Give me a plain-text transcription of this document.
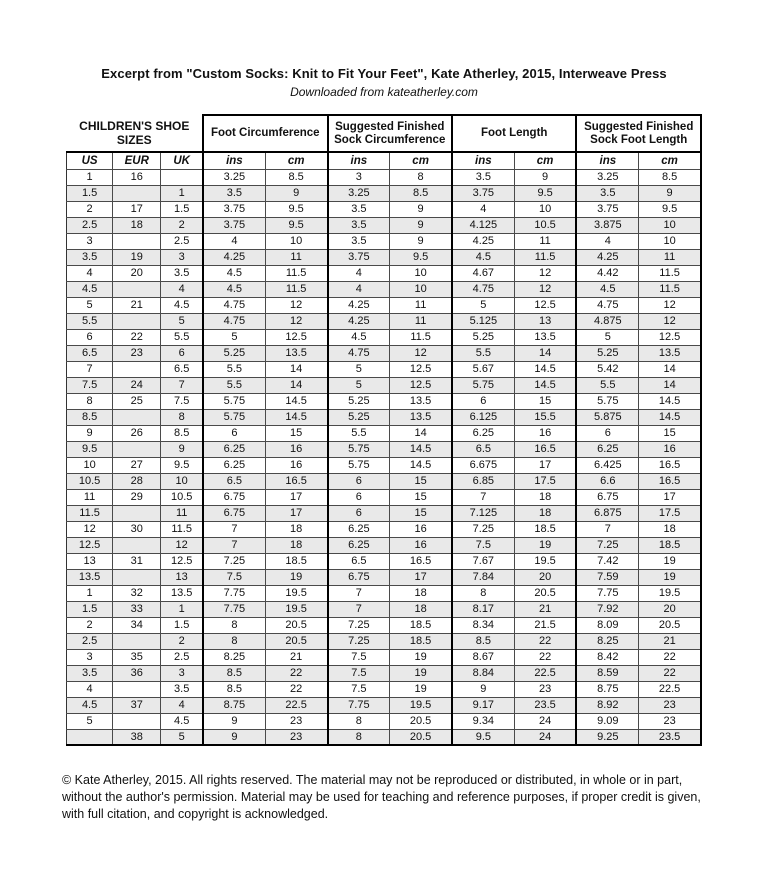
Excerpt from "Custom Socks: Knit to Fit Your Feet", Kate Atherley, 2015, Interweave Press
Downloaded from kateatherley.com
CHILDREN'S SHOE SIZES			Foot Circumference		Suggested Finished Sock Circumference		Foot Length		Suggested Finished Sock Foot Length	
US	EUR	UK	ins	cm	ins	cm	ins	cm	ins	cm
1	16		3.25	8.5	3	8	3.5	9	3.25	8.5
1.5		1	3.5	9	3.25	8.5	3.75	9.5	3.5	9
2	17	1.5	3.75	9.5	3.5	9	4	10	3.75	9.5
2.5	18	2	3.75	9.5	3.5	9	4.125	10.5	3.875	10
3		2.5	4	10	3.5	9	4.25	11	4	10
3.5	19	3	4.25	11	3.75	9.5	4.5	11.5	4.25	11
4	20	3.5	4.5	11.5	4	10	4.67	12	4.42	11.5
4.5		4	4.5	11.5	4	10	4.75	12	4.5	11.5
5	21	4.5	4.75	12	4.25	11	5	12.5	4.75	12
5.5		5	4.75	12	4.25	11	5.125	13	4.875	12
6	22	5.5	5	12.5	4.5	11.5	5.25	13.5	5	12.5
6.5	23	6	5.25	13.5	4.75	12	5.5	14	5.25	13.5
7		6.5	5.5	14	5	12.5	5.67	14.5	5.42	14
7.5	24	7	5.5	14	5	12.5	5.75	14.5	5.5	14
8	25	7.5	5.75	14.5	5.25	13.5	6	15	5.75	14.5
8.5		8	5.75	14.5	5.25	13.5	6.125	15.5	5.875	14.5
9	26	8.5	6	15	5.5	14	6.25	16	6	15
9.5		9	6.25	16	5.75	14.5	6.5	16.5	6.25	16
10	27	9.5	6.25	16	5.75	14.5	6.675	17	6.425	16.5
10.5	28	10	6.5	16.5	6	15	6.85	17.5	6.6	16.5
11	29	10.5	6.75	17	6	15	7	18	6.75	17
11.5		11	6.75	17	6	15	7.125	18	6.875	17.5
12	30	11.5	7	18	6.25	16	7.25	18.5	7	18
12.5		12	7	18	6.25	16	7.5	19	7.25	18.5
13	31	12.5	7.25	18.5	6.5	16.5	7.67	19.5	7.42	19
13.5		13	7.5	19	6.75	17	7.84	20	7.59	19
1	32	13.5	7.75	19.5	7	18	8	20.5	7.75	19.5
1.5	33	1	7.75	19.5	7	18	8.17	21	7.92	20
2	34	1.5	8	20.5	7.25	18.5	8.34	21.5	8.09	20.5
2.5		2	8	20.5	7.25	18.5	8.5	22	8.25	21
3	35	2.5	8.25	21	7.5	19	8.67	22	8.42	22
3.5	36	3	8.5	22	7.5	19	8.84	22.5	8.59	22
4		3.5	8.5	22	7.5	19	9	23	8.75	22.5
4.5	37	4	8.75	22.5	7.75	19.5	9.17	23.5	8.92	23
5		4.5	9	23	8	20.5	9.34	24	9.09	23
	38	5	9	23	8	20.5	9.5	24	9.25	23.5
© Kate Atherley, 2015. All rights reserved. The material may not be reproduced or distributed, in whole or in part, without the author's permission. Material may be used for teaching and reference purposes, if proper credit is given, with full citation, and copyright is acknowledged.
